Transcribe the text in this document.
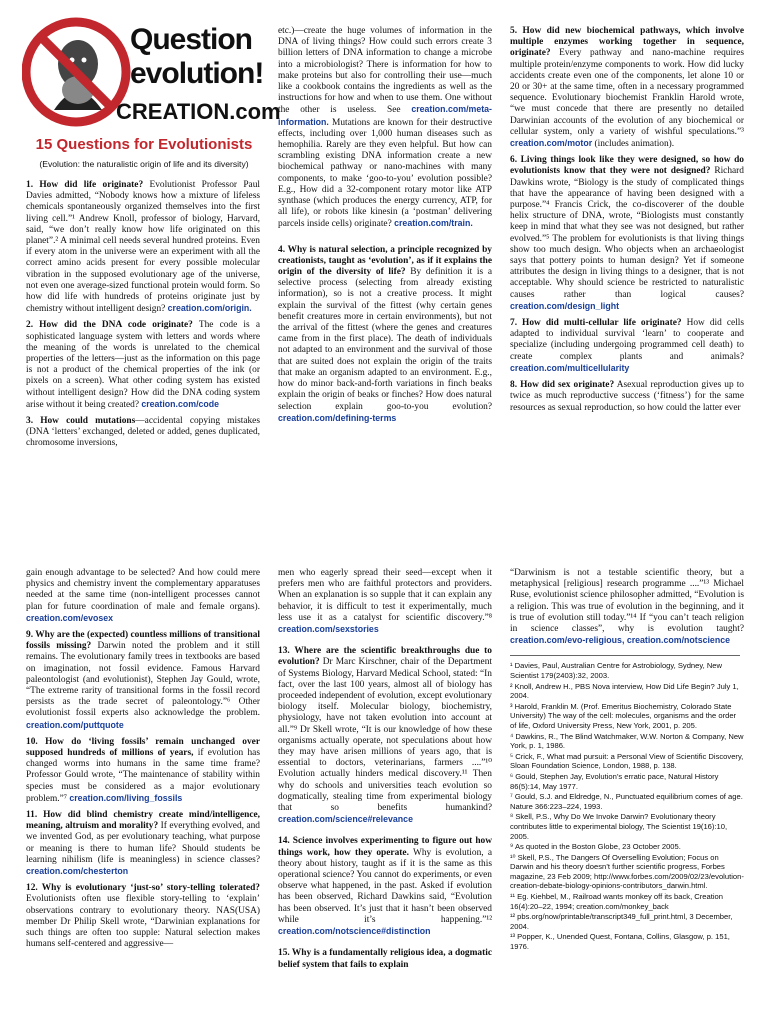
Question
evolution!
CREATION.com
15 Questions for Evolutionists
(Evolution: the naturalistic origin of life and its diversity)

1. How did life originate? Evolutionist Professor Paul Davies admitted, “Nobody knows how a mixture of lifeless chemicals spontaneously organized themselves into the first living cell.”¹ Andrew Knoll, professor of biology, Harvard, said, “we don’t really know how life originated on this planet”.² A minimal cell needs several hundred proteins. Even if every atom in the universe were an experiment with all the correct amino acids present for every possible molecular vibration in the supposed evolutionary age of the universe, not even one average-sized functional protein would form. So how did life with hundreds of proteins originate just by chemistry without intelligent design? creation.com/origin.

2. How did the DNA code originate? The code is a sophisticated language system with letters and words where the meaning of the words is unrelated to the chemical properties of the letters—just as the information on this page is not a product of the chemical properties of the ink (or pixels on a screen). What other coding system has existed without intelligent design? How did the DNA coding system arise without it being created? creation.com/code

3. How could mutations—accidental copying mistakes (DNA ‘letters’ exchanged, deleted or added, genes duplicated, chromosome inversions,

etc.)—create the huge volumes of information in the DNA of living things? How could such errors create 3 billion letters of DNA information to change a microbe into a microbiologist? There is information for how to make proteins but also for controlling their use—much like a cookbook contains the ingredients as well as the instructions for how and when to use them. One without the other is useless. See creation.com/meta-information. Mutations are known for their destructive effects, including over 1,000 human diseases such as hemophilia. Rarely are they even helpful. But how can scrambling existing DNA information create a new biochemical pathway or nano-machines with many components, to make ‘goo-to-you’ evolution possible? E.g., How did a 32-component rotary motor like ATP synthase (which produces the energy currency, ATP, for all life), or robots like kinesin (a ‘postman’ delivering parcels inside cells) originate? creation.com/train.

4. Why is natural selection, a principle recognized by creationists, taught as ‘evolution’, as if it explains the origin of the diversity of life? By definition it is a selective process (selecting from already existing information), so is not a creative process. It might explain the survival of the fittest (why certain genes benefit creatures more in certain environments), but not the arrival of the fittest (where the genes and creatures came from in the first place). The death of individuals not adapted to an environment and the survival of those that are suited does not explain the origin of the traits that make an organism adapted to an environment. E.g., how do minor back-and-forth variations in finch beaks explain the origin of beaks or finches? How does natural selection explain goo-to-you evolution? creation.com/defining-terms

5. How did new biochemical pathways, which involve multiple enzymes working together in sequence, originate? Every pathway and nano-machine requires multiple protein/enzyme components to work. How did lucky accidents create even one of the components, let alone 10 or 20 or 30+ at the same time, often in a necessary programmed sequence. Evolutionary biochemist Franklin Harold wrote, “we must concede that there are presently no detailed Darwinian accounts of the evolution of any biochemical or cellular system, only a variety of wishful speculations.”³ creation.com/motor (includes animation).

6. Living things look like they were designed, so how do evolutionists know that they were not designed? Richard Dawkins wrote, “Biology is the study of complicated things that have the appearance of having been designed with a purpose.”⁴ Francis Crick, the co-discoverer of the double helix structure of DNA, wrote, “Biologists must constantly keep in mind that what they see was not designed, but rather evolved.”⁵ The problem for evolutionists is that living things show too much design. Who objects when an archaeologist says that pottery points to human design? Yet if someone attributes the design in living things to a designer, that is not acceptable. Why should science be restricted to naturalistic causes rather than logical causes? creation.com/design_light

7. How did multi-cellular life originate? How did cells adapted to individual survival ‘learn’ to cooperate and specialize (including undergoing programmed cell death) to create complex plants and animals? creation.com/multicellularity

8. How did sex originate? Asexual reproduction gives up to twice as much reproductive success (‘fitness’) for the same resources as sexual reproduction, so how could the latter ever

gain enough advantage to be selected? And how could mere physics and chemistry invent the complementary apparatuses needed at the same time (non-intelligent processes cannot plan for future coordination of male and female organs). creation.com/evosex

9. Why are the (expected) countless millions of transitional fossils missing? Darwin noted the problem and it still remains. The evolutionary family trees in textbooks are based on imagination, not fossil evidence. Famous Harvard paleontologist (and evolutionist), Stephen Jay Gould, wrote, “The extreme rarity of transitional forms in the fossil record persists as the trade secret of paleontology.”⁶ Other evolutionist fossil experts also acknowledge the problem. creation.com/puttquote

10. How do ‘living fossils’ remain unchanged over supposed hundreds of millions of years, if evolution has changed worms into humans in the same time frame? Professor Gould wrote, “The maintenance of stability within species must be considered as a major evolutionary problem.”⁷ creation.com/living_fossils

11. How did blind chemistry create mind/intelligence, meaning, altruism and morality? If everything evolved, and we invented God, as per evolutionary teaching, what purpose or meaning is there to human life? Should students be learning nihilism (life is meaningless) in science classes? creation.com/chesterton

12. Why is evolutionary ‘just-so’ story-telling tolerated? Evolutionists often use flexible story-telling to ‘explain’ observations contrary to evolutionary theory. NAS(USA) member Dr Philip Skell wrote, “Darwinian explanations for such things are often too supple: Natural selection makes humans self-centered and aggressive—

men who eagerly spread their seed—except when it prefers men who are faithful protectors and providers. When an explanation is so supple that it can explain any behavior, it is difficult to test it experimentally, much less use it as a catalyst for scientific discovery.”⁸ creation.com/sexstories

13. Where are the scientific breakthroughs due to evolution? Dr Marc Kirschner, chair of the Department of Systems Biology, Harvard Medical School, stated: “In fact, over the last 100 years, almost all of biology has proceeded independent of evolution, except evolutionary biology itself. Molecular biology, biochemistry, physiology, have not taken evolution into account at all.”⁹ Dr Skell wrote, “It is our knowledge of how these organisms actually operate, not speculations about how they may have arisen millions of years ago, that is essential to doctors, veterinarians, farmers ....”¹⁰ Evolution actually hinders medical discovery.¹¹ Then why do schools and universities teach evolution so dogmatically, stealing time from experimental biology that so benefits humankind? creation.com/science#relevance

14. Science involves experimenting to figure out how things work, how they operate. Why is evolution, a theory about history, taught as if it is the same as this operational science? You cannot do experiments, or even observe what happened, in the past. Asked if evolution has been observed, Richard Dawkins said, “Evolution has been observed. It’s just that it hasn’t been observed while it’s happening.”¹² creation.com/notscience#distinction

15. Why is a fundamentally religious idea, a dogmatic belief system that fails to explain

“Darwinism is not a testable scientific theory, but a metaphysical [religious] research programme ....”¹³ Michael Ruse, evolutionist science philosopher admitted, “Evolution is a religion. This was true of evolution in the beginning, and it is true of evolution still today.”¹⁴ If “you can’t teach religion in science classes”, why is evolution taught? creation.com/evo-religious, creation.com/notscience

¹ Davies, Paul, Australian Centre for Astrobiology, Sydney, New Scientist 179(2403):32, 2003.
² Knoll, Andrew H., PBS Nova interview, How Did Life Begin? July 1, 2004.
³ Harold, Franklin M. (Prof. Emeritus Biochemistry, Colorado State University) The way of the cell: molecules, organisms and the order of life, Oxford University Press, New York, 2001, p. 205.
⁴ Dawkins, R., The Blind Watchmaker, W.W. Norton & Company, New York, p. 1, 1986.
⁵ Crick, F., What mad pursuit: a Personal View of Scientific Discovery, Sloan Foundation Science, London, 1988, p. 138.
⁶ Gould, Stephen Jay, Evolution’s erratic pace, Natural History 86(5):14, May 1977.
⁷ Gould, S.J. and Eldredge, N., Punctuated equilibrium comes of age. Nature 366:223–224, 1993.
⁸ Skell, P.S., Why Do We Invoke Darwin? Evolutionary theory contributes little to experimental biology, The Scientist 19(16):10, 2005.
⁹ As quoted in the Boston Globe, 23 October 2005.
¹⁰ Skell, P.S., The Dangers Of Overselling Evolution; Focus on Darwin and his theory doesn’t further scientific progress, Forbes magazine, 23 Feb 2009; http://www.forbes.com/2009/02/23/evolution-creation-debate-biology-opinions-contributors_darwin.html.
¹¹ Eg. Kiehbel, M., Railroad wants monkey off its back, Creation 16(4):20–22, 1994; creation.com/monkey_back
¹² pbs.org/now/printable/transcript349_full_print.html, 3 December, 2004.
¹³ Popper, K., Unended Quest, Fontana, Collins, Glasgow, p. 151, 1976.
